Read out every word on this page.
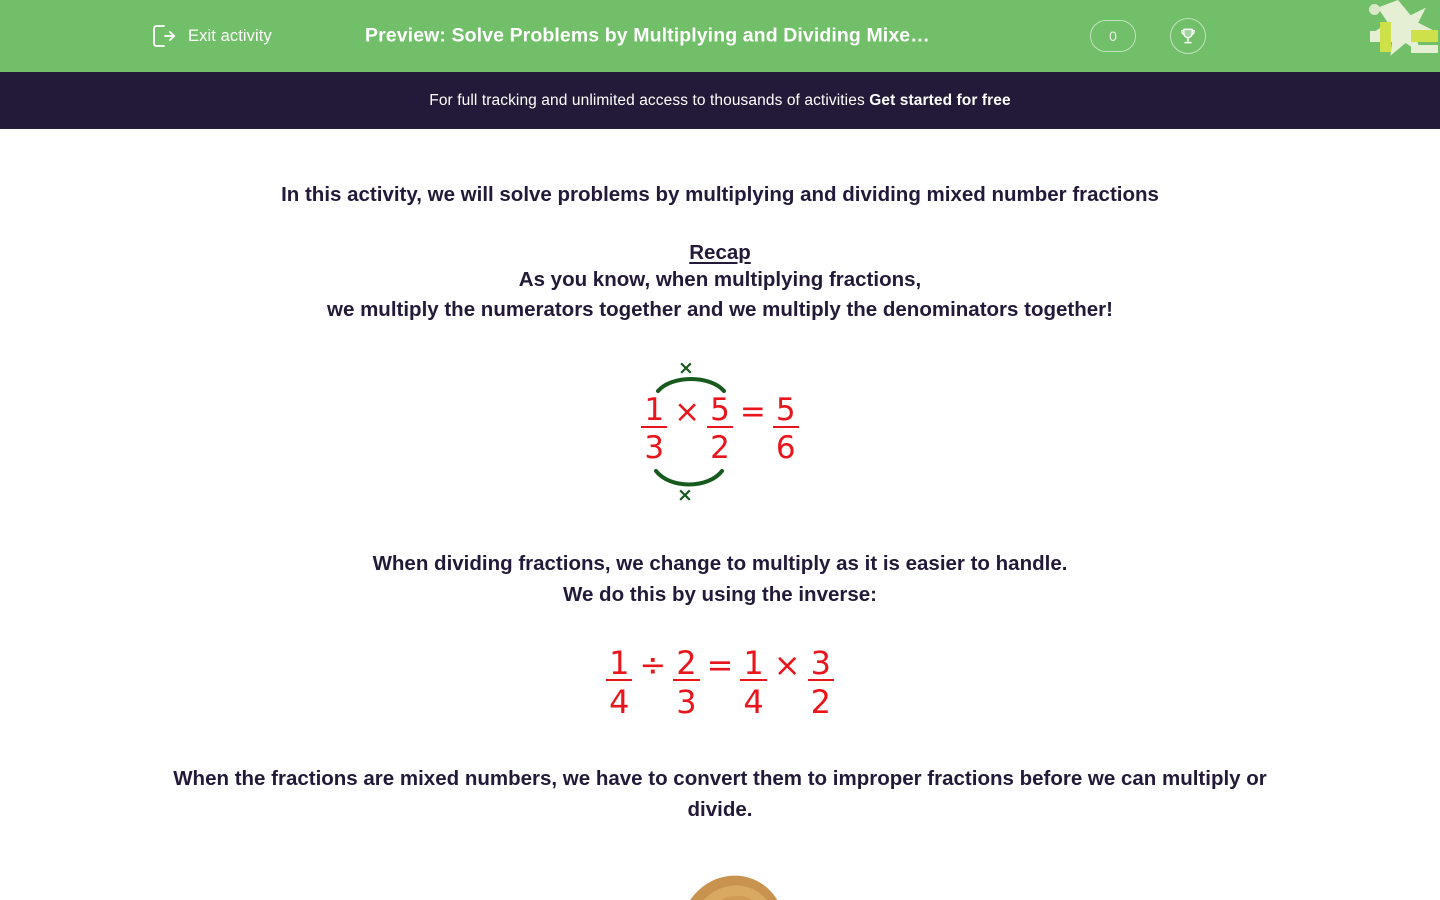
Exit activity	Preview: Solve Problems by Multiplying and Dividing Mixe…	0
For full tracking and unlimited access to thousands of activities Get started for free
In this activity, we will solve problems by multiplying and dividing mixed number fractions
Recap
As you know, when multiplying fractions,
we multiply the numerators together and we multiply the denominators together!
×
×
$\frac{1}{3} \times \frac{5}{2} = \frac{5}{6}$
When dividing fractions, we change to multiply as it is easier to handle.
We do this by using the inverse:
$\frac{1}{4} \div \frac{2}{3} = \frac{1}{4} \times \frac{3}{2}$
When the fractions are mixed numbers, we have to convert them to improper fractions before we can multiply or divide.
